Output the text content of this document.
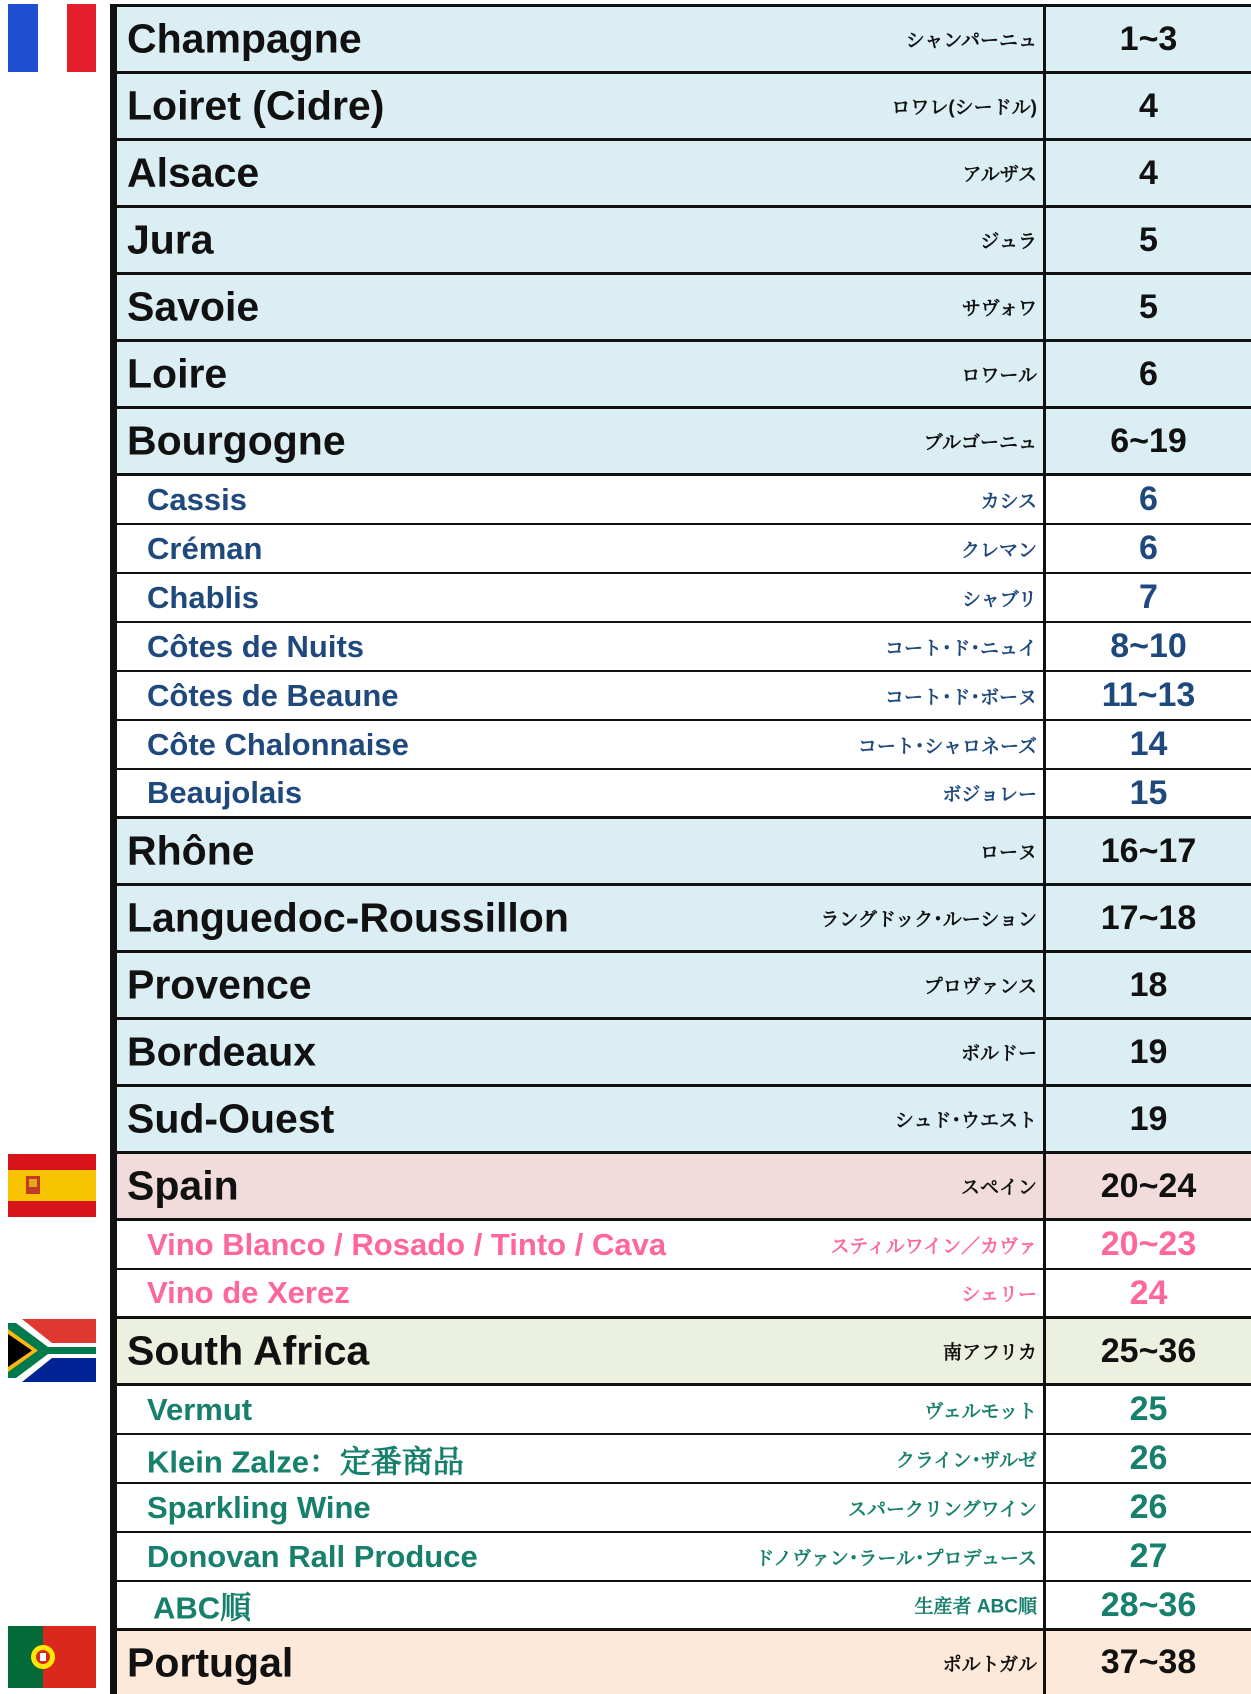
Champagne	シャンパーニュ	1~3
Loiret (Cidre)	ロワレ(シードル)	4
Alsace	アルザス	4
Jura	ジュラ	5
Savoie	サヴォワ	5
Loire	ロワール	6
Bourgogne	ブルゴーニュ	6~19
Cassis	カシス	6
Créman	クレマン	6
Chablis	シャブリ	7
Côtes de Nuits	コート･ド･ニュイ	8~10
Côtes de Beaune	コート･ド･ボーヌ	11~13
Côte Chalonnaise	コート･シャロネーズ	14
Beaujolais	ボジョレー	15
Rhône	ローヌ	16~17
Languedoc-Roussillon	ラングドック･ルーション	17~18
Provence	プロヴァンス	18
Bordeaux	ボルドー	19
Sud-Ouest	シュド･ウエスト	19
Spain	スペイン	20~24
Vino Blanco / Rosado / Tinto / Cava	スティルワイン／カヴァ	20~23
Vino de Xerez	シェリー	24
South Africa	南アフリカ	25~36
Vermut	ヴェルモット	25
Klein Zalze：定番商品	クライン･ザルゼ	26
Sparkling Wine	スパークリングワイン	26
Donovan Rall Produce	ドノヴァン･ラール･プロデュース	27
ABC順	生産者 ABC順	28~36
Portugal	ポルトガル	37~38
